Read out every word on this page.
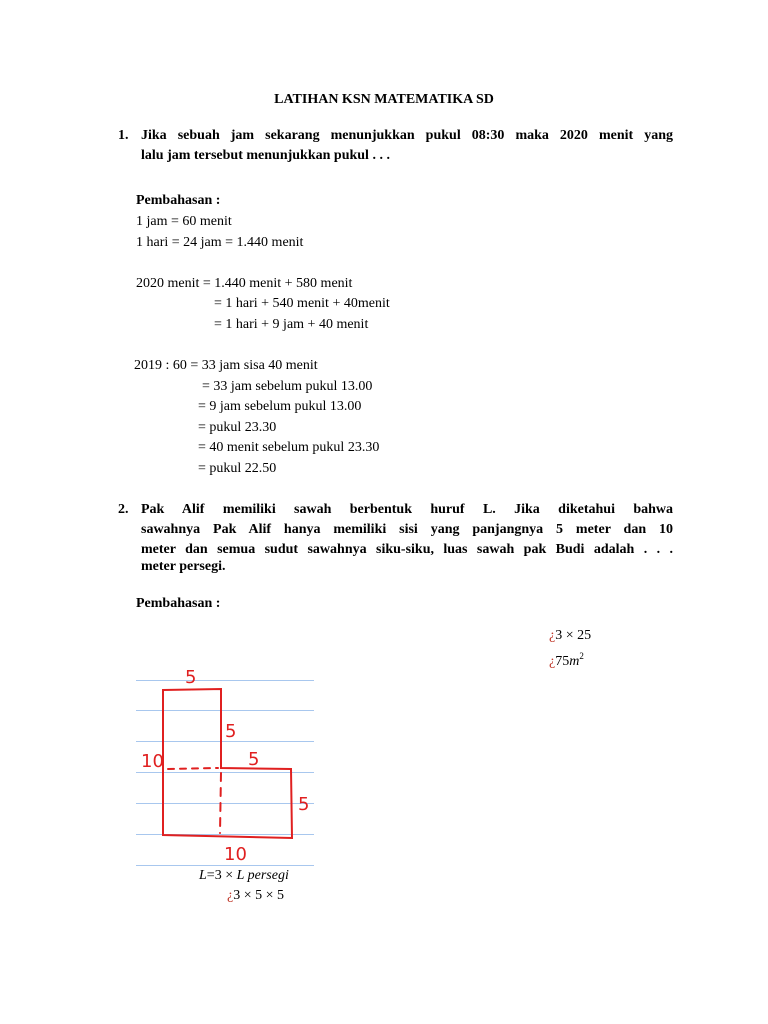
LATIHAN KSN MATEMATIKA SD
1. Jika sebuah jam sekarang menunjukkan pukul 08:30 maka 2020 menit yang
lalu jam tersebut menunjukkan pukul . . .
Pembahasan :
1 jam = 60 menit
1 hari = 24 jam = 1.440 menit
2020 menit = 1.440 menit + 580 menit
= 1 hari + 540 menit + 40menit
= 1 hari + 9 jam + 40 menit
2019 : 60 = 33 jam sisa 40 menit
= 33 jam sebelum pukul 13.00
= 9 jam sebelum pukul 13.00
= pukul 23.30
= 40 menit sebelum pukul 23.30
= pukul 22.50
2. Pak Alif memiliki sawah berbentuk huruf L. Jika diketahui bahwa
sawahnya Pak Alif hanya memiliki sisi yang panjangnya 5 meter dan 10
meter dan semua sudut sawahnya siku-siku, luas sawah pak Budi adalah . . .
meter persegi.
Pembahasan :
¿3 × 25
¿$75m^2$
5
5
10	5
5
10
L=3 × L persegi
¿3 × 5 × 5
